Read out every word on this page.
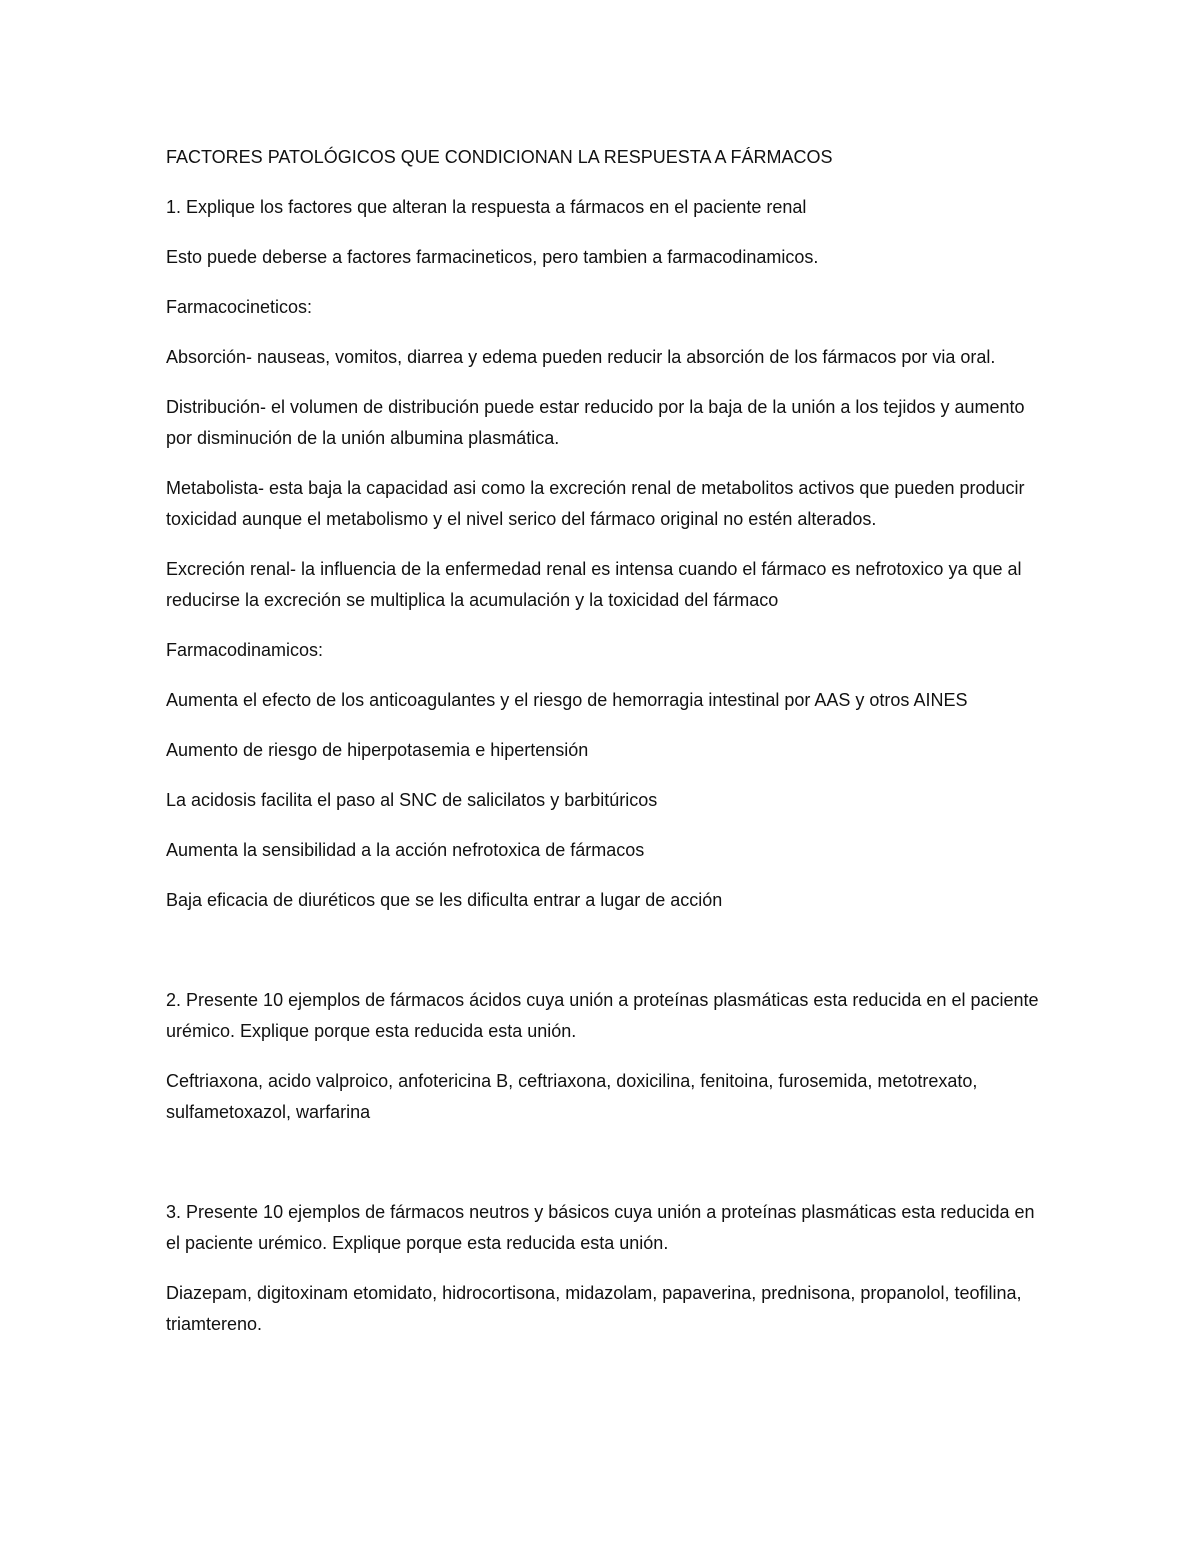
FACTORES PATOLÓGICOS QUE CONDICIONAN LA RESPUESTA A FÁRMACOS

1. Explique los factores que alteran la respuesta a fármacos en el paciente renal

Esto puede deberse a factores farmacineticos, pero tambien a farmacodinamicos.

Farmacocineticos:

Absorción- nauseas, vomitos, diarrea y edema pueden reducir la absorción de los fármacos por via oral.

Distribución- el volumen de distribución puede estar reducido por la baja de la unión a los tejidos y aumento por disminución de la unión albumina plasmática.

Metabolista- esta baja la capacidad asi como la excreción renal de metabolitos activos que pueden producir toxicidad aunque el metabolismo y el nivel serico del fármaco original no estén alterados.

Excreción renal- la influencia de la enfermedad renal es intensa cuando el fármaco es nefrotoxico ya que al reducirse la excreción se multiplica la acumulación y la toxicidad del fármaco

Farmacodinamicos:

Aumenta el efecto de los anticoagulantes y el riesgo de hemorragia intestinal por AAS y otros AINES

Aumento de riesgo de hiperpotasemia e hipertensión

La acidosis facilita el paso al SNC de salicilatos y barbitúricos

Aumenta la sensibilidad a la acción nefrotoxica de fármacos

Baja eficacia de diuréticos que se les dificulta entrar a lugar de acción

2. Presente 10 ejemplos de fármacos ácidos cuya unión a proteínas plasmáticas esta reducida en el paciente urémico. Explique porque esta reducida esta unión.

Ceftriaxona, acido valproico, anfotericina B, ceftriaxona, doxicilina, fenitoina, furosemida, metotrexato, sulfametoxazol, warfarina

3. Presente 10 ejemplos de fármacos neutros y básicos cuya unión a proteínas plasmáticas esta reducida en el paciente urémico. Explique porque esta reducida esta unión.

Diazepam, digitoxinam etomidato, hidrocortisona, midazolam, papaverina, prednisona, propanolol, teofilina, triamtereno.
